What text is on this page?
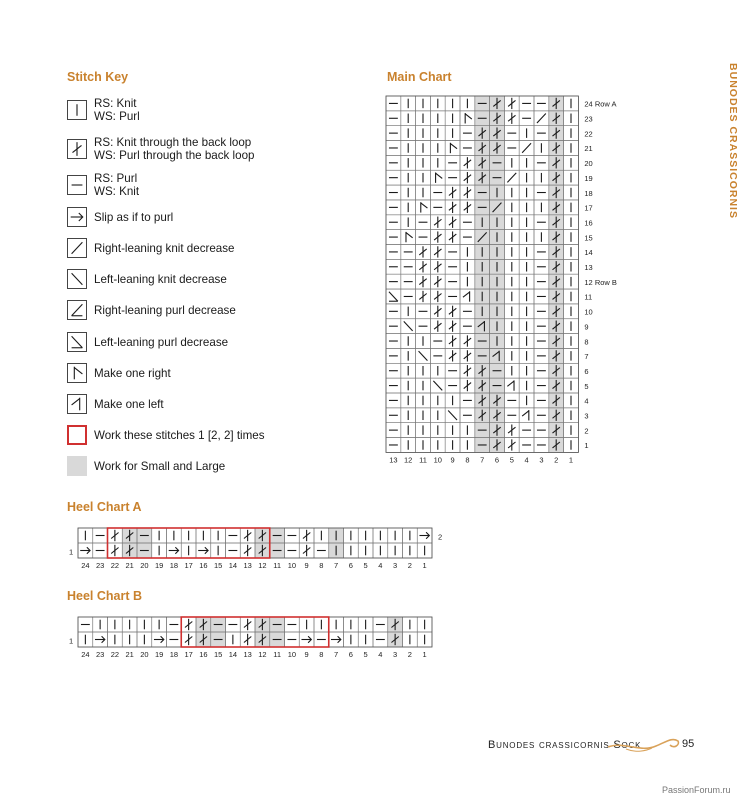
BUNODES CRASSICORNIS
Stitch Key
RS: Knit
WS: Purl
RS: Knit through the back loop
WS: Purl through the back loop
RS: Purl
WS: Knit
Slip as if to purl
Right-leaning knit decrease
Left-leaning knit decrease
Right-leaning purl decrease
Left-leaning purl decrease
Make one right
Make one left
Work these stitches 1 [2, 2] times
Work for Small and Large
Main Chart
24 Row A
23
22
21
20
19
18
17
16
15
14
13
12 Row B
11
10
9
8
7
6
5
4
3
2
1
13 12 11 10 9 8 7 6 5 4 3 2 1
Heel Chart A
2
1
24 23 22 21 20 19 18 17 16 15 14 13 12 11 10 9 8 7 6 5 4 3 2 1
Heel Chart B
1
24 23 22 21 20 19 18 17 16 15 14 13 12 11 10 9 8 7 6 5 4 3 2 1

Bunodes crassicornis Sock	95
PassionForum.ru
